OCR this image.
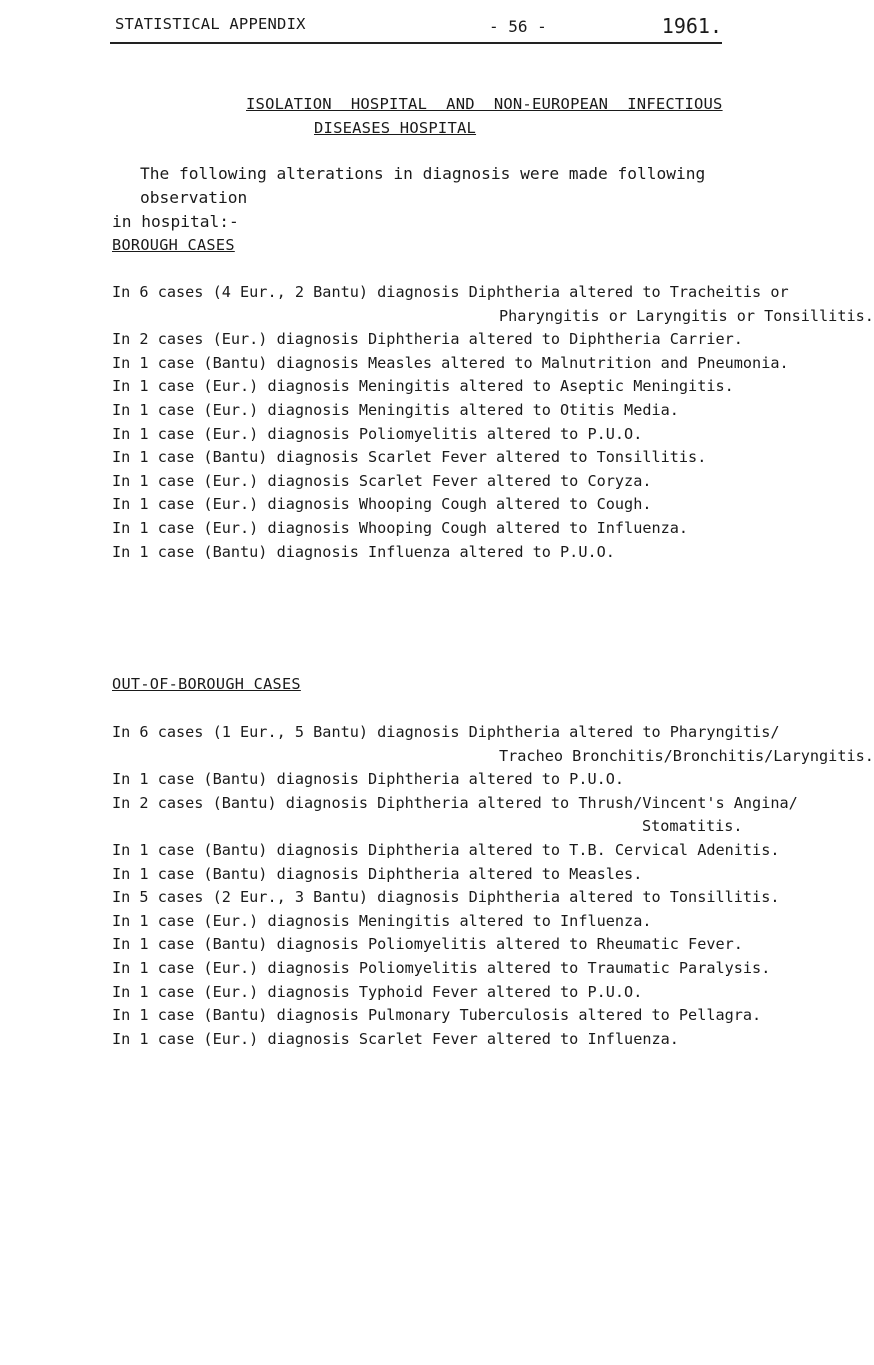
STATISTICAL APPENDIX	- 56 -	1961.
ISOLATION  HOSPITAL  AND  NON-EUROPEAN  INFECTIOUS
DISEASES HOSPITAL
The following alterations in diagnosis were made following observation
in hospital:-
BOROUGH CASES
In 6 cases (4 Eur., 2 Bantu) diagnosis Diphtheria altered to Tracheitis or
Pharyngitis or Laryngitis or Tonsillitis.
In 2 cases (Eur.) diagnosis Diphtheria altered to Diphtheria Carrier.
In 1 case (Bantu) diagnosis Measles altered to Malnutrition and Pneumonia.
In 1 case (Eur.) diagnosis Meningitis altered to Aseptic Meningitis.
In 1 case (Eur.) diagnosis Meningitis altered to Otitis Media.
In 1 case (Eur.) diagnosis Poliomyelitis altered to P.U.O.
In 1 case (Bantu) diagnosis Scarlet Fever altered to Tonsillitis.
In 1 case (Eur.) diagnosis Scarlet Fever altered to Coryza.
In 1 case (Eur.) diagnosis Whooping Cough altered to Cough.
In 1 case (Eur.) diagnosis Whooping Cough altered to Influenza.
In 1 case (Bantu) diagnosis Influenza altered to P.U.O.
OUT-OF-BOROUGH CASES
In 6 cases (1 Eur., 5 Bantu) diagnosis Diphtheria altered to Pharyngitis/
Tracheo Bronchitis/Bronchitis/Laryngitis.
In 1 case (Bantu) diagnosis Diphtheria altered to P.U.O.
In 2 cases (Bantu) diagnosis Diphtheria altered to Thrush/Vincent's Angina/
Stomatitis.
In 1 case (Bantu) diagnosis Diphtheria altered to T.B. Cervical Adenitis.
In 1 case (Bantu) diagnosis Diphtheria altered to Measles.
In 5 cases (2 Eur., 3 Bantu) diagnosis Diphtheria altered to Tonsillitis.
In 1 case (Eur.) diagnosis Meningitis altered to Influenza.
In 1 case (Bantu) diagnosis Poliomyelitis altered to Rheumatic Fever.
In 1 case (Eur.) diagnosis Poliomyelitis altered to Traumatic Paralysis.
In 1 case (Eur.) diagnosis Typhoid Fever altered to P.U.O.
In 1 case (Bantu) diagnosis Pulmonary Tuberculosis altered to Pellagra.
In 1 case (Eur.) diagnosis Scarlet Fever altered to Influenza.
